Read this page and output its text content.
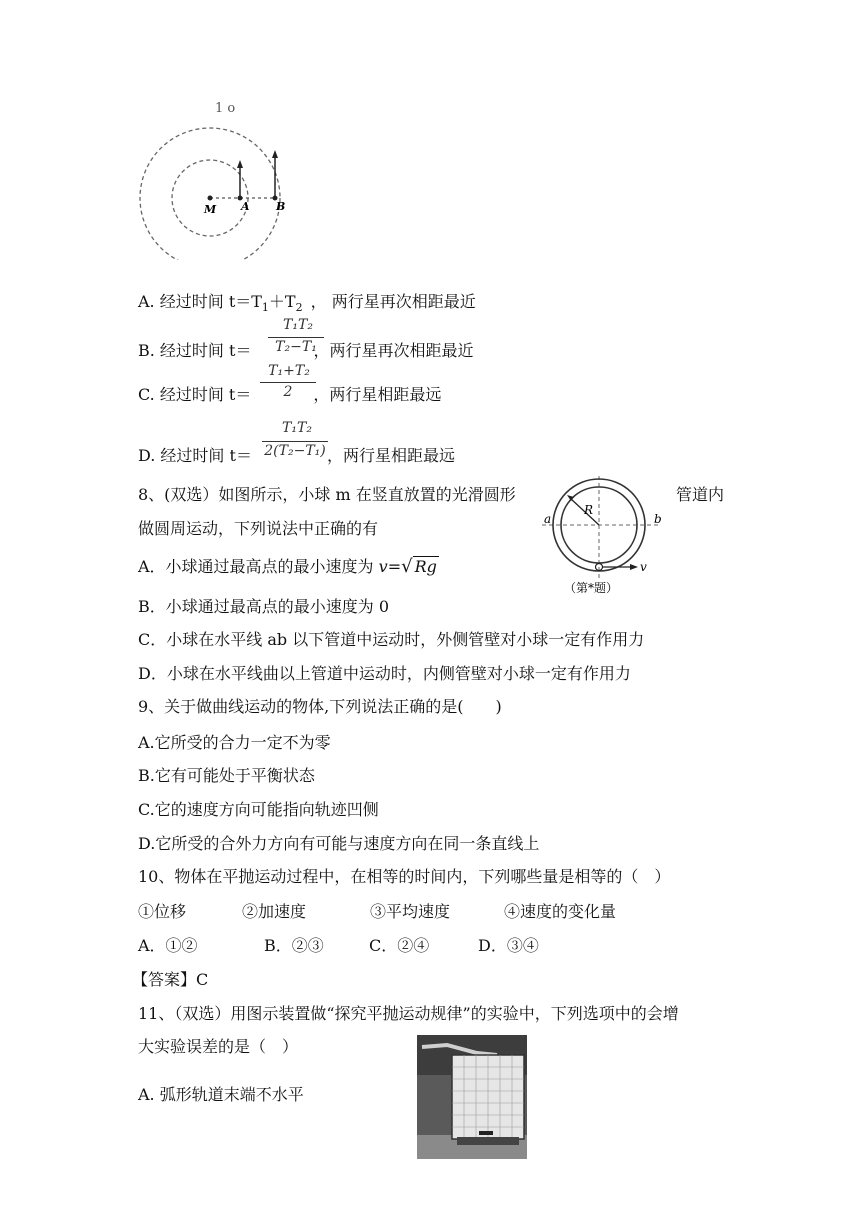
1 o
M A B
A. 经过时间 $t=T_1+T_2$ ， 两行星再次相距最近
B. 经过时间 t＝	，两行星再次相距最近
T₁T₂
T₂−T₁
C. 经过时间 t＝	，两行星相距最远
T₁+T₂
2
D. 经过时间 t＝	，两行星相距最远
T₁T₂
2(T₂−T₁)
8、(双选）如图所示，小球 m 在竖直放置的光滑圆形	管道内
做圆周运动，下列说法中正确的有
A．小球通过最高点的最小速度为 v=√ Rg
B．小球通过最高点的最小速度为 0
C．小球在水平线 ab 以下管道中运动时，外侧管壁对小球一定有作用力
D．小球在水平线曲以上管道中运动时，内侧管壁对小球一定有作用力
R
a	b
v
（第*题）
9、关于做曲线运动的物体,下列说法正确的是(　　)
A.它所受的合力一定不为零
B.它有可能处于平衡状态
C.它的速度方向可能指向轨迹凹侧
D.它所受的合外力方向有可能与速度方向在同一条直线上
10、物体在平抛运动过程中，在相等的时间内，下列哪些量是相等的（　）
①位移	②加速度	③平均速度	④速度的变化量
A．①②	B．②③	C．②④	D．③④
【答案】C
11、（双选）用图示装置做“探究平抛运动规律”的实验中，下列选项中的会增
大实验误差的是（　）
A. 弧形轨道末端不水平
